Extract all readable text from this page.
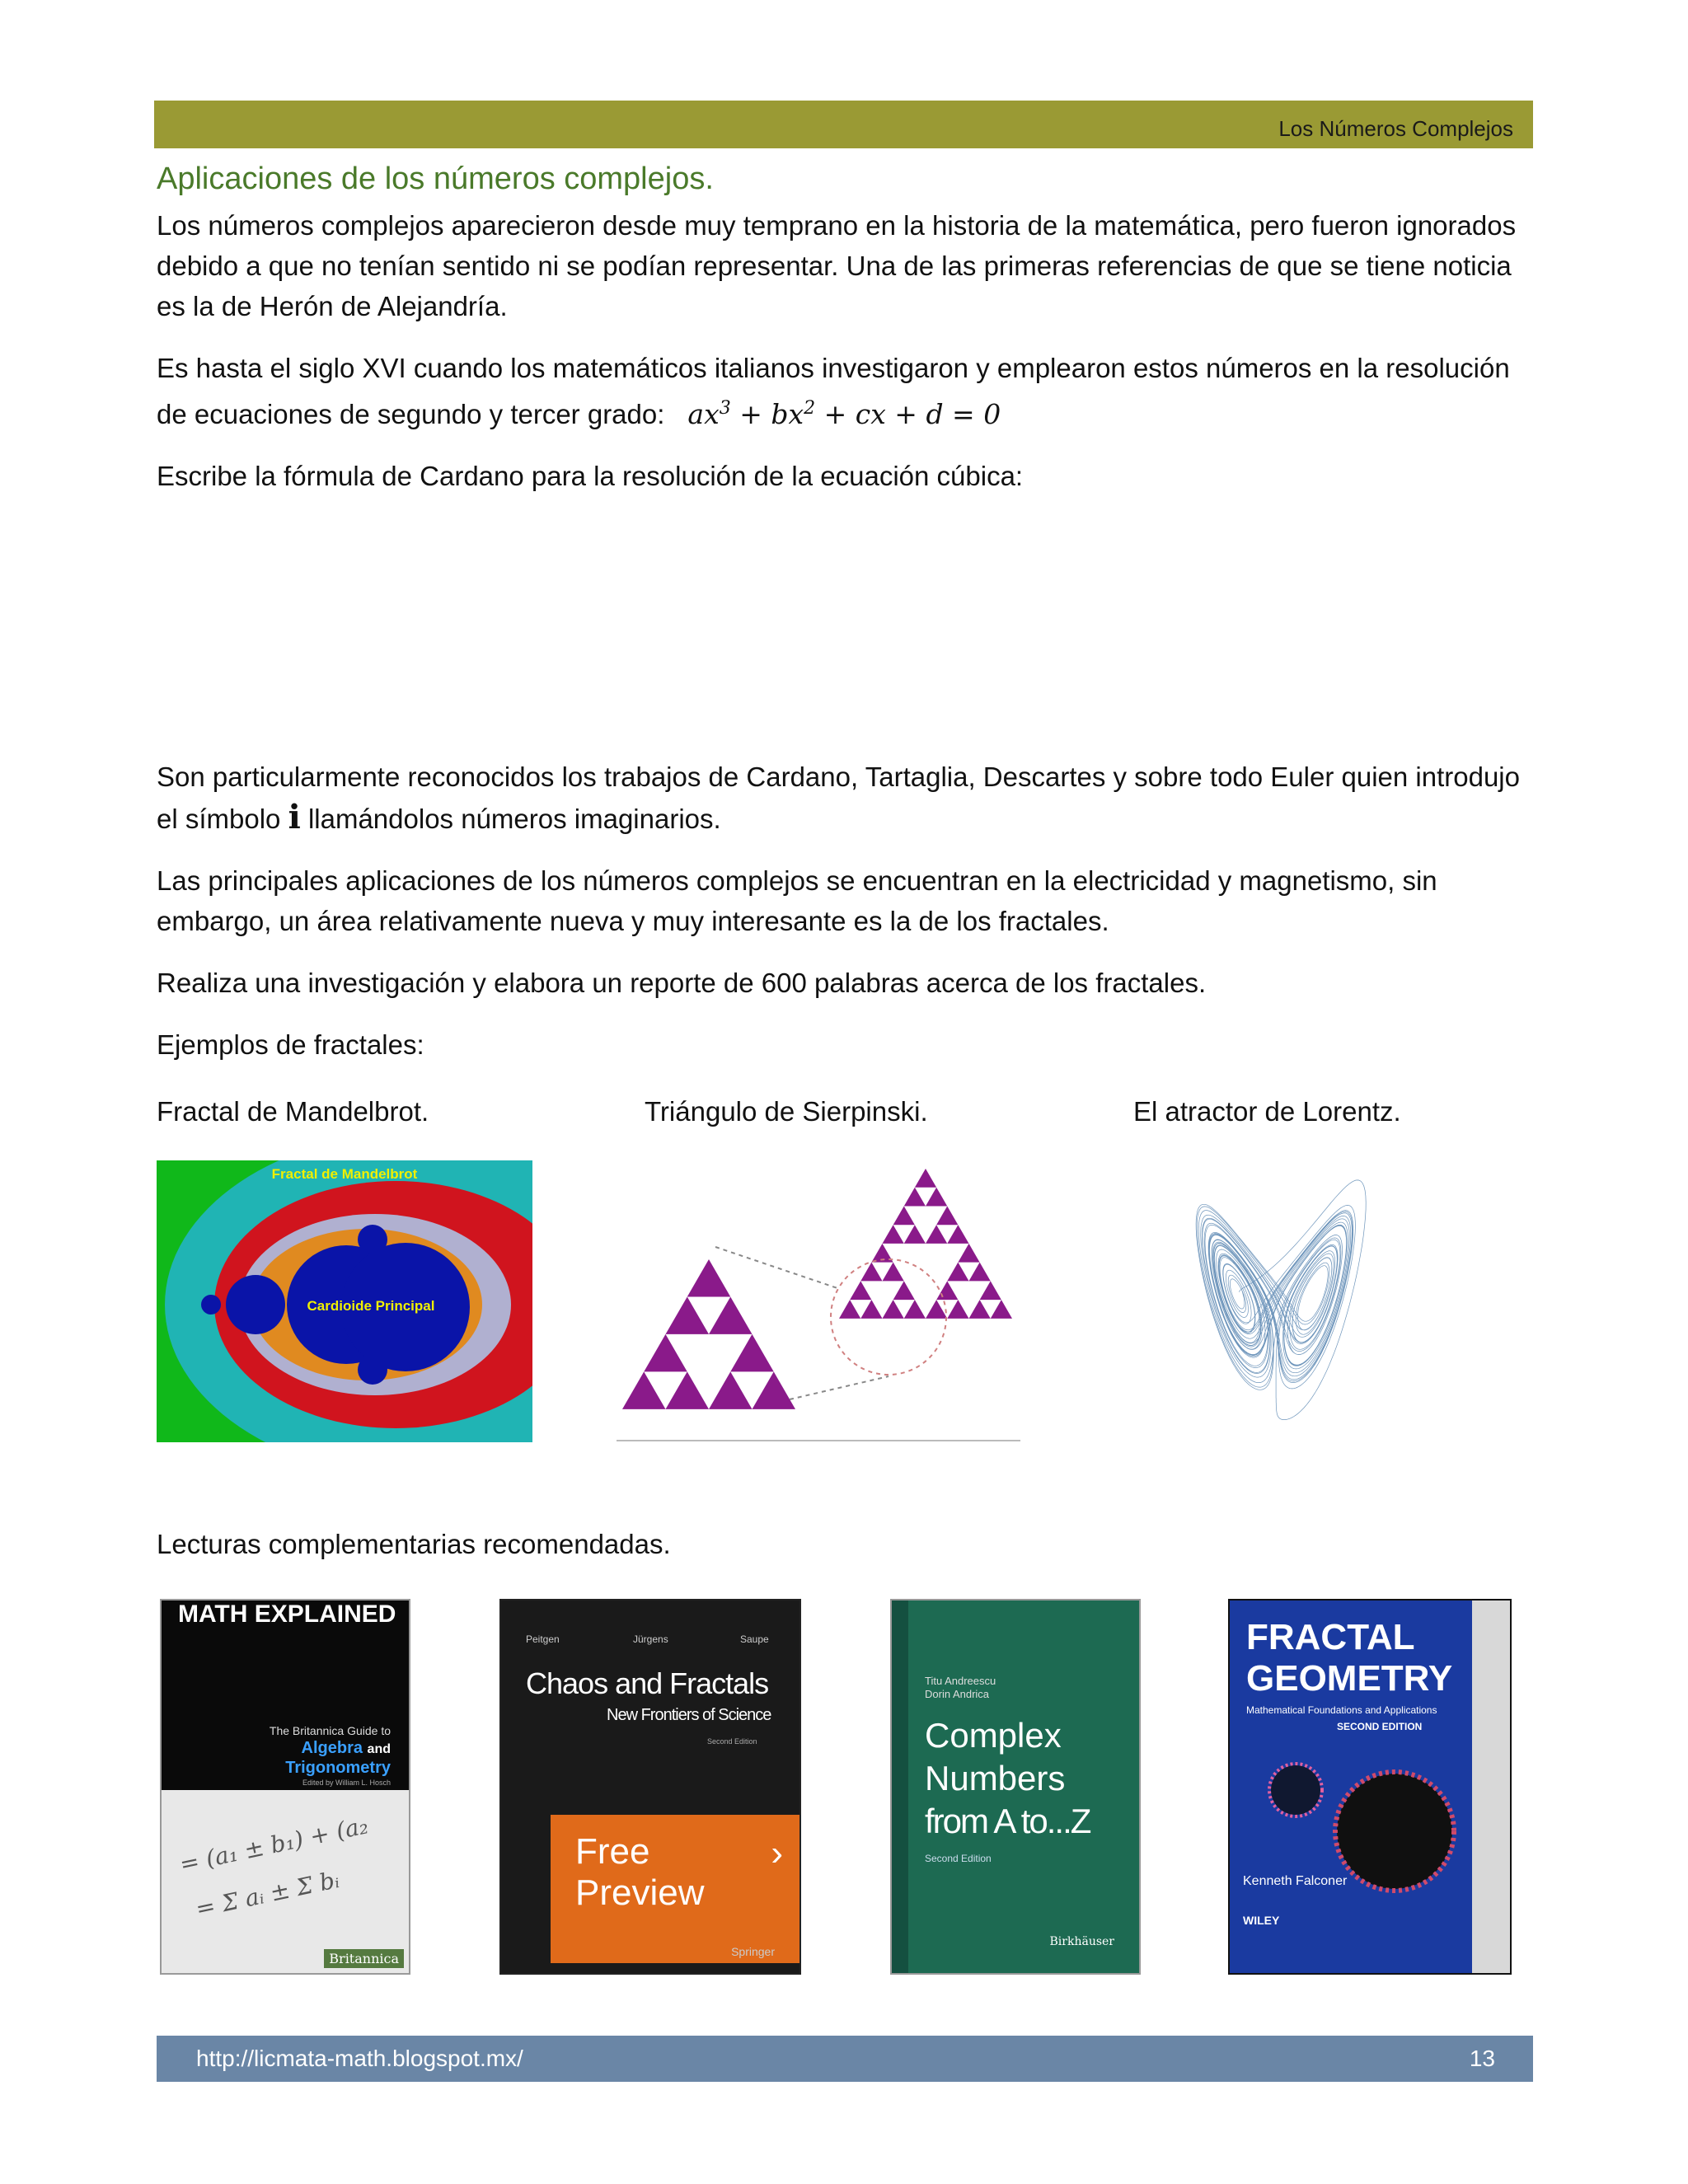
Los Números Complejos
Aplicaciones de los números complejos.

Los números complejos aparecieron desde muy temprano en la historia de la matemática, pero fueron ignorados debido a que no tenían sentido ni se podían representar. Una de las primeras referencias de que se tiene noticia es la de Herón de Alejandría.

Es hasta el siglo XVI cuando los matemáticos italianos investigaron y emplearon estos números en la resolución de ecuaciones de segundo y tercer grado: $ax^3 + bx^2$ + cx + d = 0

Escribe la fórmula de Cardano para la resolución de la ecuación cúbica:

Son particularmente reconocidos los trabajos de Cardano, Tartaglia, Descartes y sobre todo Euler quien introdujo el símbolo i llamándolos números imaginarios.

Las principales aplicaciones de los números complejos se encuentran en la electricidad y magnetismo, sin embargo, un área relativamente nueva y muy interesante es la de los fractales.

Realiza una investigación y elabora un reporte de 600 palabras acerca de los fractales.

Ejemplos de fractales:

Fractal de Mandelbrot.	Triángulo de Sierpinski.	El atractor de Lorentz.
Fractal de Mandelbrot
Cardioide Principal
Lecturas complementarias recomendadas.
MATH EXPLAINED
The Britannica Guide to
Algebra and
Trigonometry
Edited by William L. Hosch
= (a₁ ± b₁) + (a₂
= Σ aᵢ ± Σ bᵢ
Britannica
Peitgen	Jürgens	Saupe
Chaos and Fractals
New Frontiers of Science
Second Edition
Free
Preview
›
Springer
Titu Andreescu
Dorin Andrica
Complex
Numbers
from A to...Z
Second Edition
Birkhäuser
FRACTAL
GEOMETRY
Mathematical Foundations and Applications
SECOND EDITION
Kenneth Falconer
WILEY
http://licmata-math.blogspot.mx/	13
